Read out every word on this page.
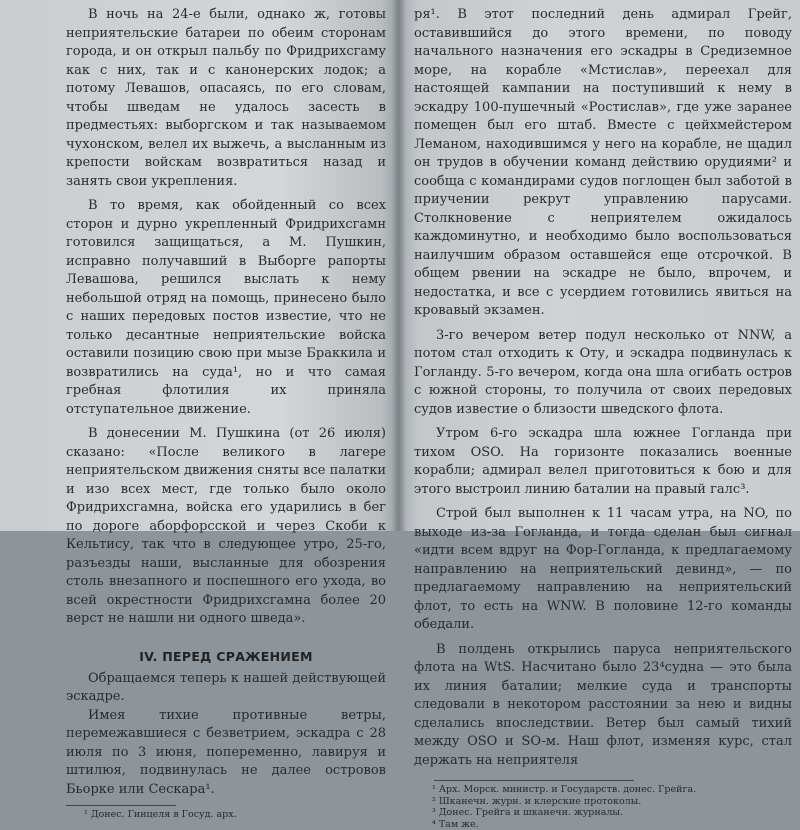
В ночь на 24-е были, однако ж, готовы неприятельские батареи по обеим сторонам города, и он открыл пальбу по Фридрихсгаму как с них, так и с канонерских лодок; а потому Левашов, опасаясь, по его словам, чтобы шведам не удалось засесть в предместьях: выборгском и так называемом чухонском, велел их выжечь, а высланным из крепости войскам возвратиться назад и занять свои укрепления.

В то время, как обойденный со всех сторон и дурно укрепленный Фридрихсгамн готовился защищаться, а М. Пушкин, исправно получавший в Выборге рапорты Левашова, решился выслать к нему небольшой отряд на помощь, принесено было с наших передовых постов известие, что не только десантные неприятельские войска оставили позицию свою при мызе Браккила и возвратились на суда¹, но и что самая гребная флотилия их приняла отступательное движение.

В донесении М. Пушкина (от 26 июля) сказано: «После великого в лагере неприятельском движения сняты все палатки и изо всех мест, где только было около Фридрихсгамна, войска его ударились в бег по дороге аборфорсской и через Скоби к Кельтису, так что в следующее утро, 25-го, разъезды наши, высланные для обозрения столь внезапного и поспешного его ухода, во всей окрестности Фридрихсгамна более 20 верст не нашли ни одного шведа».

IV. ПЕРЕД СРАЖЕНИЕМ

Обращаемся теперь к нашей действующей эскадре.

Имея тихие противные ветры, перемежавшиеся с безветрием, эскадра с 28 июля по 3 июня, попеременно, лавируя и штилюя, подвинулась не далее островов Бьорке или Сескара¹.

¹ Донес. Гинцеля в Госуд. арх.

ря¹. В этот последний день адмирал Грейг, оставившийся до этого времени, по поводу начального назначения его эскадры в Средиземное море, на корабле «Мстислав», переехал для настоящей кампании на поступивший к нему в эскадру 100-пушечный «Ростислав», где уже заранее помещен был его штаб. Вместе с цейхмейстером Леманом, находившимся у него на корабле, не щадил он трудов в обучении команд действию орудиями² и сообща с командирами судов поглощен был заботой в приучении рекрут управлению парусами. Столкновение с неприятелем ожидалось каждоминутно, и необходимо было воспользоваться наилучшим образом оставшейся еще отсрочкой. В общем рвении на эскадре не было, впрочем, и недостатка, и все с усердием готовились явиться на кровавый экзамен.

3-го вечером ветер подул несколько от NNW, а потом стал отходить к Оту, и эскадра подвинулась к Гогланду. 5-го вечером, когда она шла огибать остров с южной стороны, то получила от своих передовых судов известие о близости шведского флота.

Утром 6-го эскадра шла южнее Гогланда при тихом OSO. На горизонте показались военные корабли; адмирал велел приготовиться к бою и для этого выстроил линию баталии на правый галс³.

Строй был выполнен к 11 часам утра, на NO, по выходе из-за Гогланда, и тогда сделан был сигнал «идти всем вдруг на Фор-Гогланда, к предлагаемому направлению на неприятельский девинд», — по предлагаемому направлению на неприятельский флот, то есть на WNW. В половине 12-го команды обедали.

В полдень открылись паруса неприятельского флота на WtS. Насчитано было 23⁴судна — это была их линия баталии; мелкие суда и транспорты следовали в некотором расстоянии за нею и видны сделались впоследствии. Ветер был самый тихий между OSO и SO-м. Наш флот, изменяя курс, стал держать на неприятеля

¹ Арх. Морск. министр. и Государств. донес. Грейга.

² Шканечн. журн. и клерские протоколы.

³ Донес. Грейга и шканечн. журналы.

⁴ Там же.
